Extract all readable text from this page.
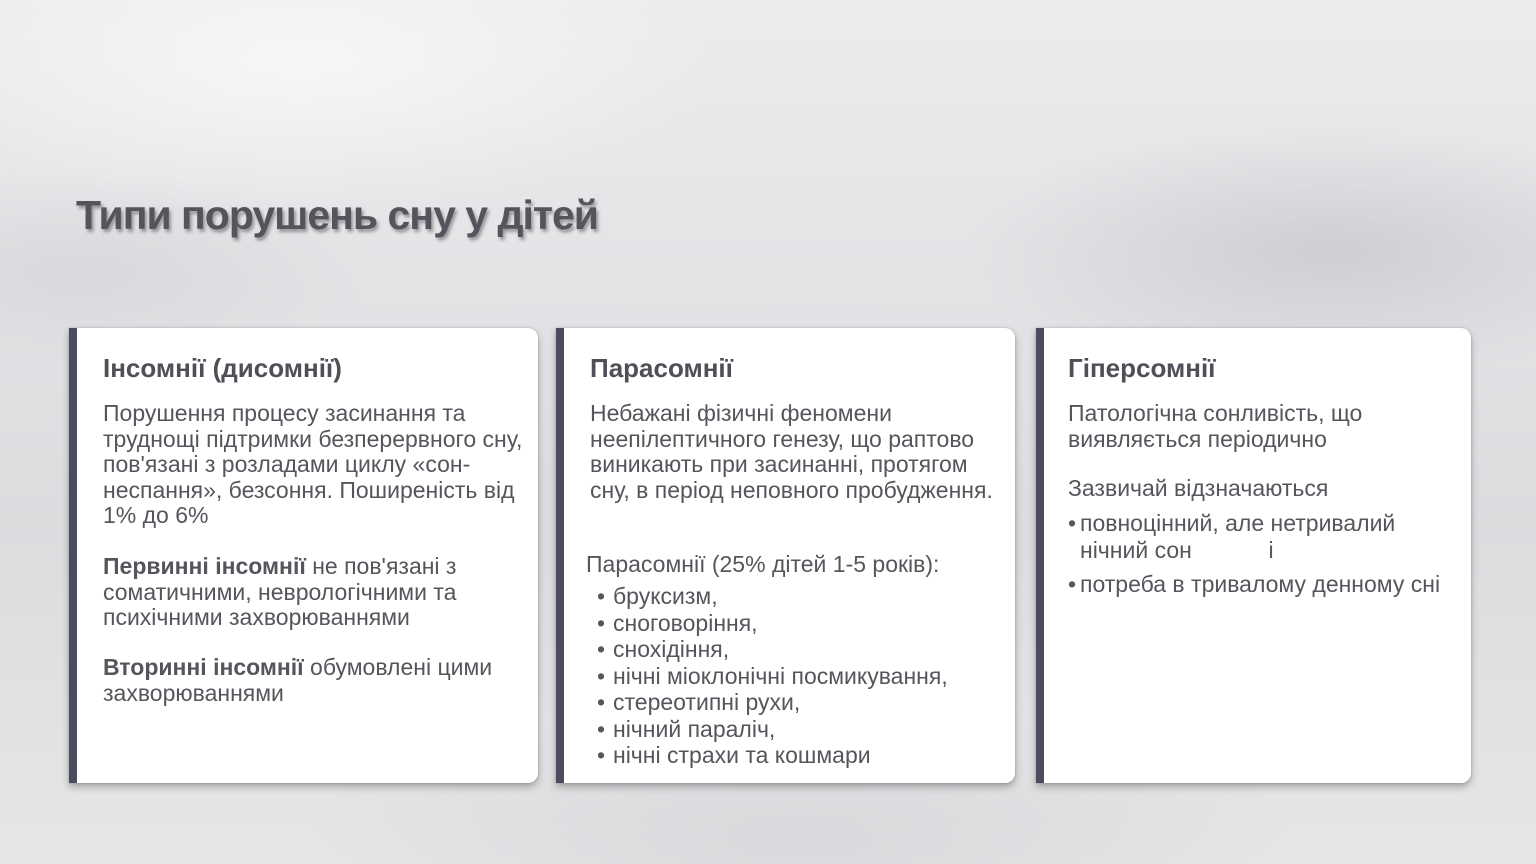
Типи порушень сну у дітей
Інсомнії (дисомнії)

Порушення процесу засинання та труднощі підтримки безперервного сну, пов'язані з розладами циклу «сон-неспання», безсоння. Поширеність від 1% до 6%

Первинні інсомнії не пов'язані з соматичними, неврологічними та психічними захворюваннями

Вторинні інсомнії обумовлені цими захворюваннями

Парасомнії

Небажані фізичні феномени неепілептичного генезу, що раптово виникають при засинанні, протягом сну, в період неповного пробудження.

Парасомнії (25% дітей 1-5 років):

• бруксизм,
• сноговоріння,
• снохідіння,
• нічні міоклонічні посмикування,
• стереотипні рухи,
• нічний параліч,
• нічні страхи та кошмари
Гіперсомнії

Патологічна сонливість, що виявляється періодично

Зазвичай відзначаються

• повноцінний, але нетривалий нічний сон            і
• потреба в тривалому денному сні
